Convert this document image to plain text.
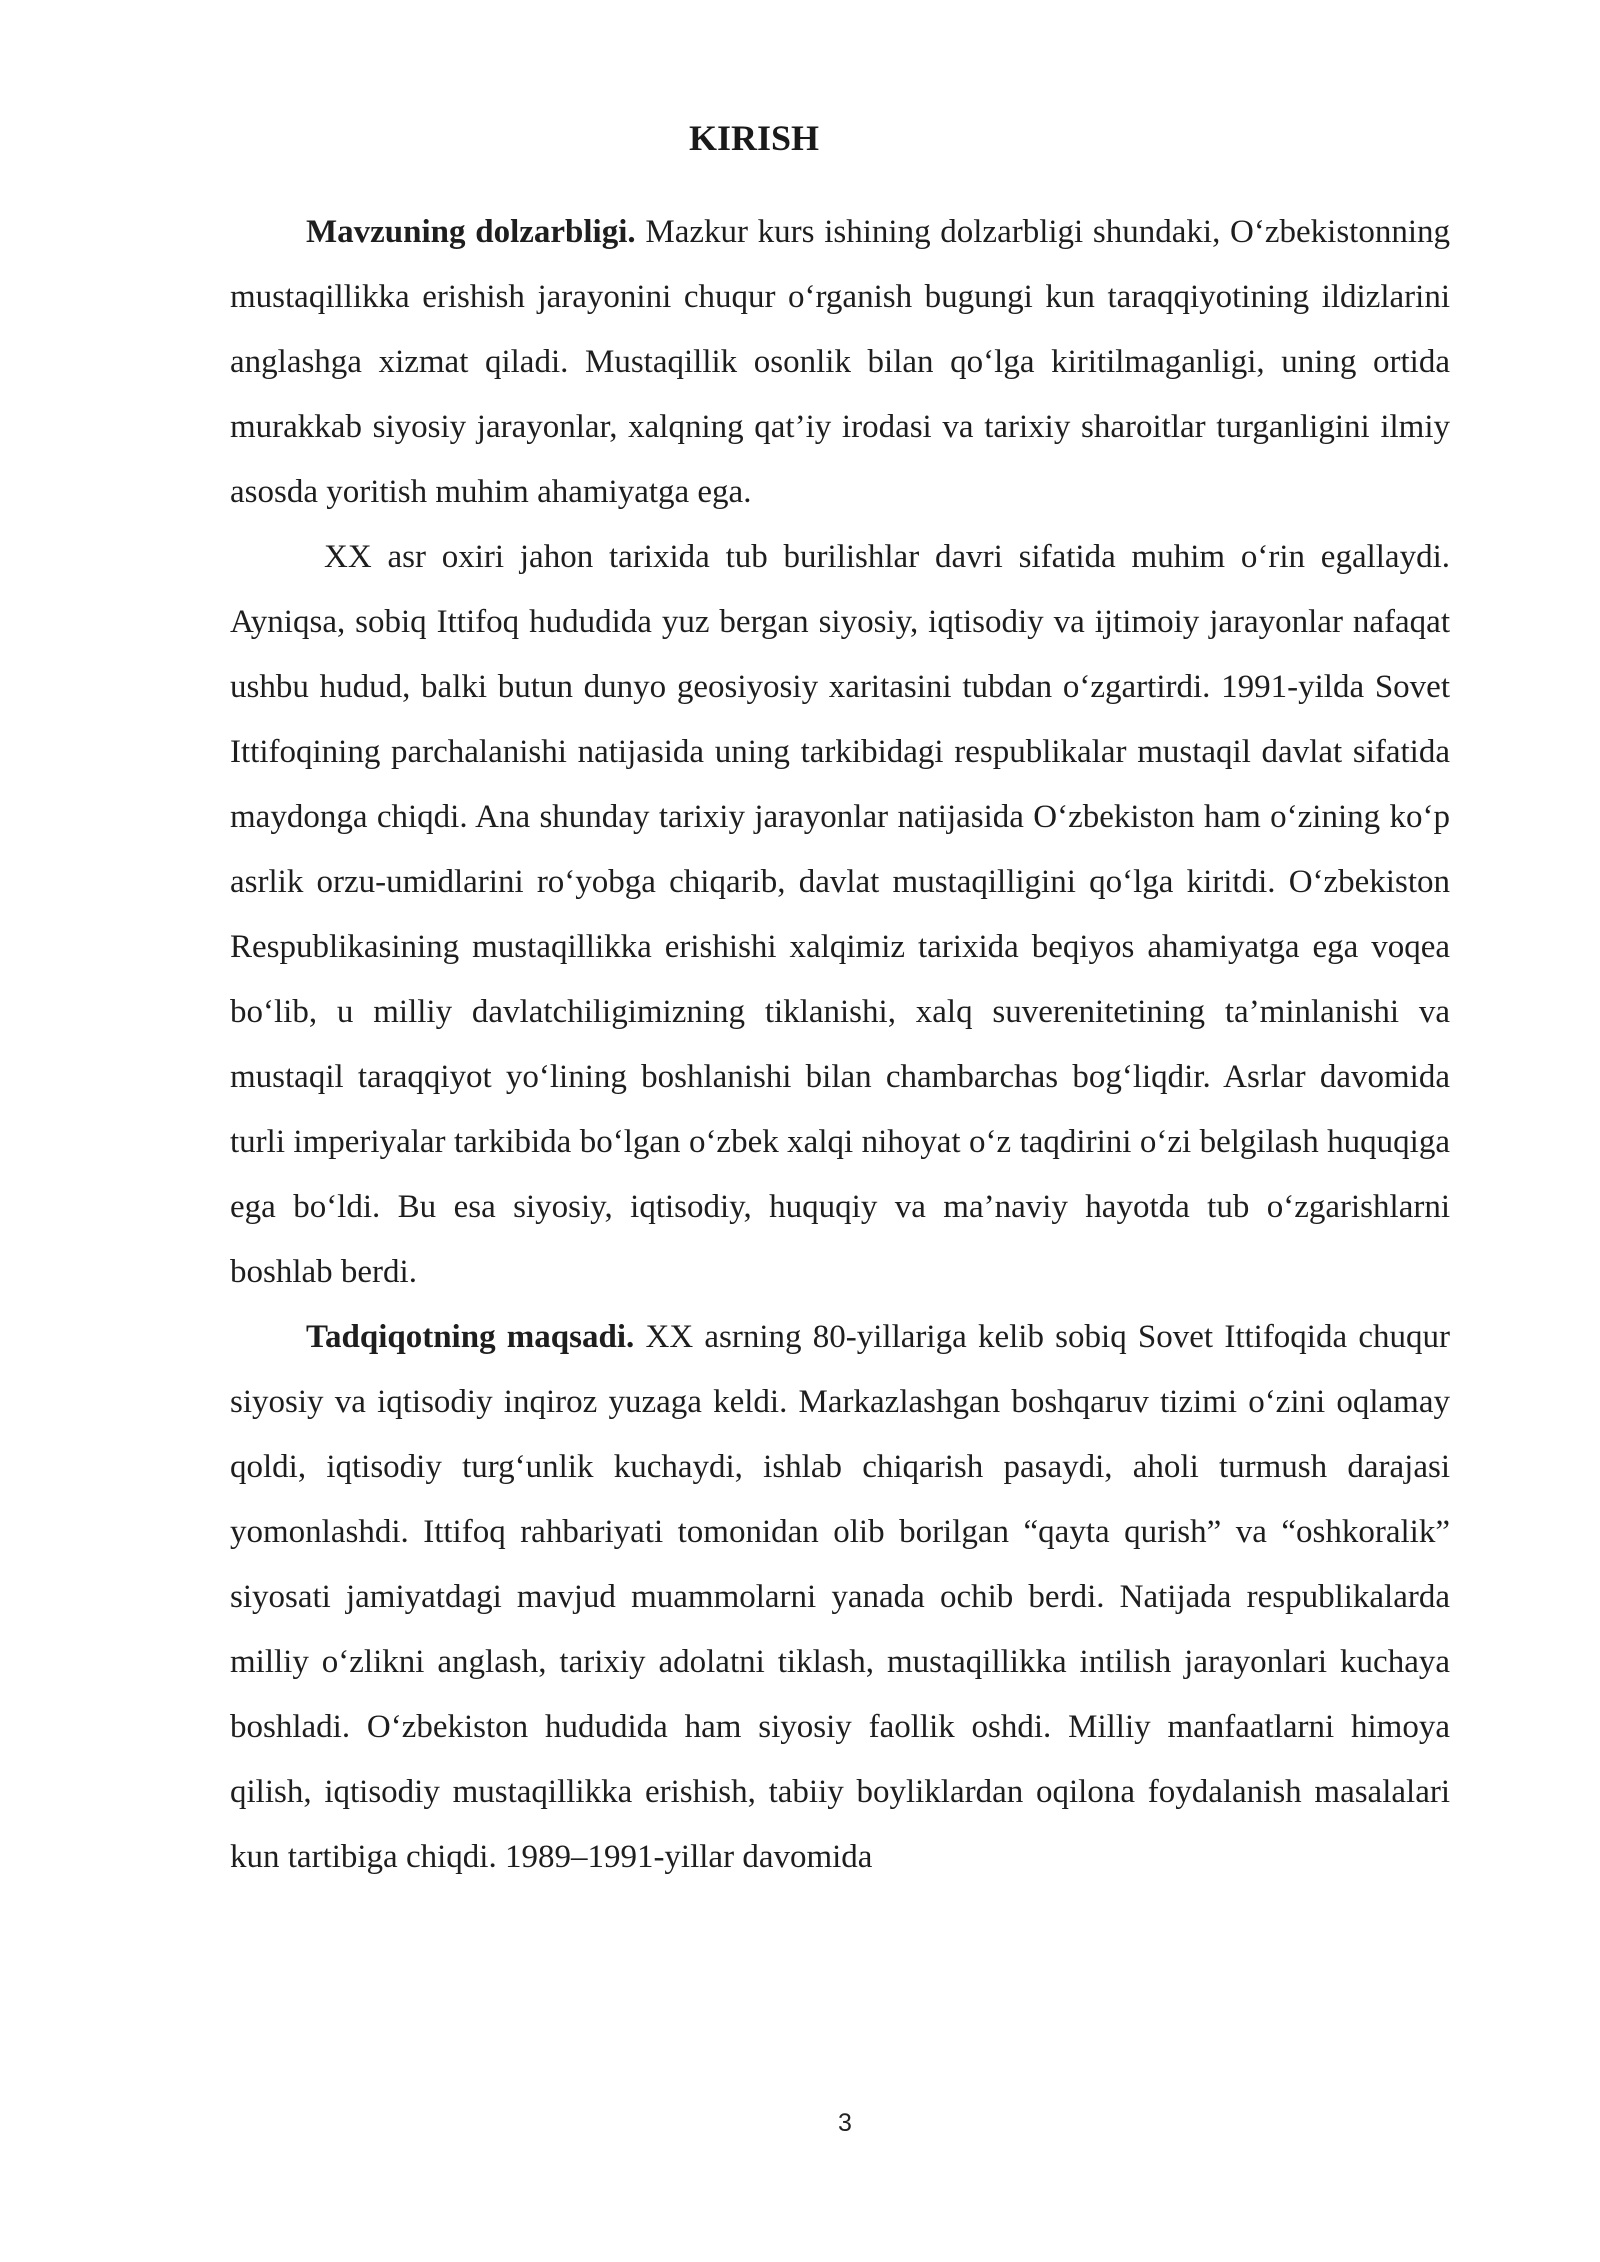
KIRISH

Mavzuning dolzarbligi. Mazkur kurs ishining dolzarbligi shundaki, O‘zbekistonning mustaqillikka erishish jarayonini chuqur o‘rganish bugungi kun taraqqiyotining ildizlarini anglashga xizmat qiladi. Mustaqillik osonlik bilan qo‘lga kiritilmaganligi, uning ortida murakkab siyosiy jarayonlar, xalqning qat’iy irodasi va tarixiy sharoitlar turganligini ilmiy asosda yoritish muhim ahamiyatga ega.

XX asr oxiri jahon tarixida tub burilishlar davri sifatida muhim o‘rin egallaydi. Ayniqsa, sobiq Ittifoq hududida yuz bergan siyosiy, iqtisodiy va ijtimoiy jarayonlar nafaqat ushbu hudud, balki butun dunyo geosiyosiy xaritasini tubdan o‘zgartirdi. 1991-yilda Sovet Ittifoqining parchalanishi natijasida uning tarkibidagi respublikalar mustaqil davlat sifatida maydonga chiqdi. Ana shunday tarixiy jarayonlar natijasida O‘zbekiston ham o‘zining ko‘p asrlik orzu-umidlarini ro‘yobga chiqarib, davlat mustaqilligini qo‘lga kiritdi. O‘zbekiston Respublikasining mustaqillikka erishishi xalqimiz tarixida beqiyos ahamiyatga ega voqea bo‘lib, u milliy davlatchiligimizning tiklanishi, xalq suverenitetining ta’minlanishi va mustaqil taraqqiyot yo‘lining boshlanishi bilan chambarchas bog‘liqdir. Asrlar davomida turli imperiyalar tarkibida bo‘lgan o‘zbek xalqi nihoyat o‘z taqdirini o‘zi belgilash huquqiga ega bo‘ldi. Bu esa siyosiy, iqtisodiy, huquqiy va ma’naviy hayotda tub o‘zgarishlarni boshlab berdi.

Tadqiqotning maqsadi. XX asrning 80-yillariga kelib sobiq Sovet Ittifoqida chuqur siyosiy va iqtisodiy inqiroz yuzaga keldi. Markazlashgan boshqaruv tizimi o‘zini oqlamay qoldi, iqtisodiy turg‘unlik kuchaydi, ishlab chiqarish pasaydi, aholi turmush darajasi yomonlashdi. Ittifoq rahbariyati tomonidan olib borilgan “qayta qurish” va “oshkoralik” siyosati jamiyatdagi mavjud muammolarni yanada ochib berdi. Natijada respublikalarda milliy o‘zlikni anglash, tarixiy adolatni tiklash, mustaqillikka intilish jarayonlari kuchaya boshladi. O‘zbekiston hududida ham siyosiy faollik oshdi. Milliy manfaatlarni himoya qilish, iqtisodiy mustaqillikka erishish, tabiiy boyliklardan oqilona foydalanish masalalari kun tartibiga chiqdi. 1989–1991-yillar davomida

3
